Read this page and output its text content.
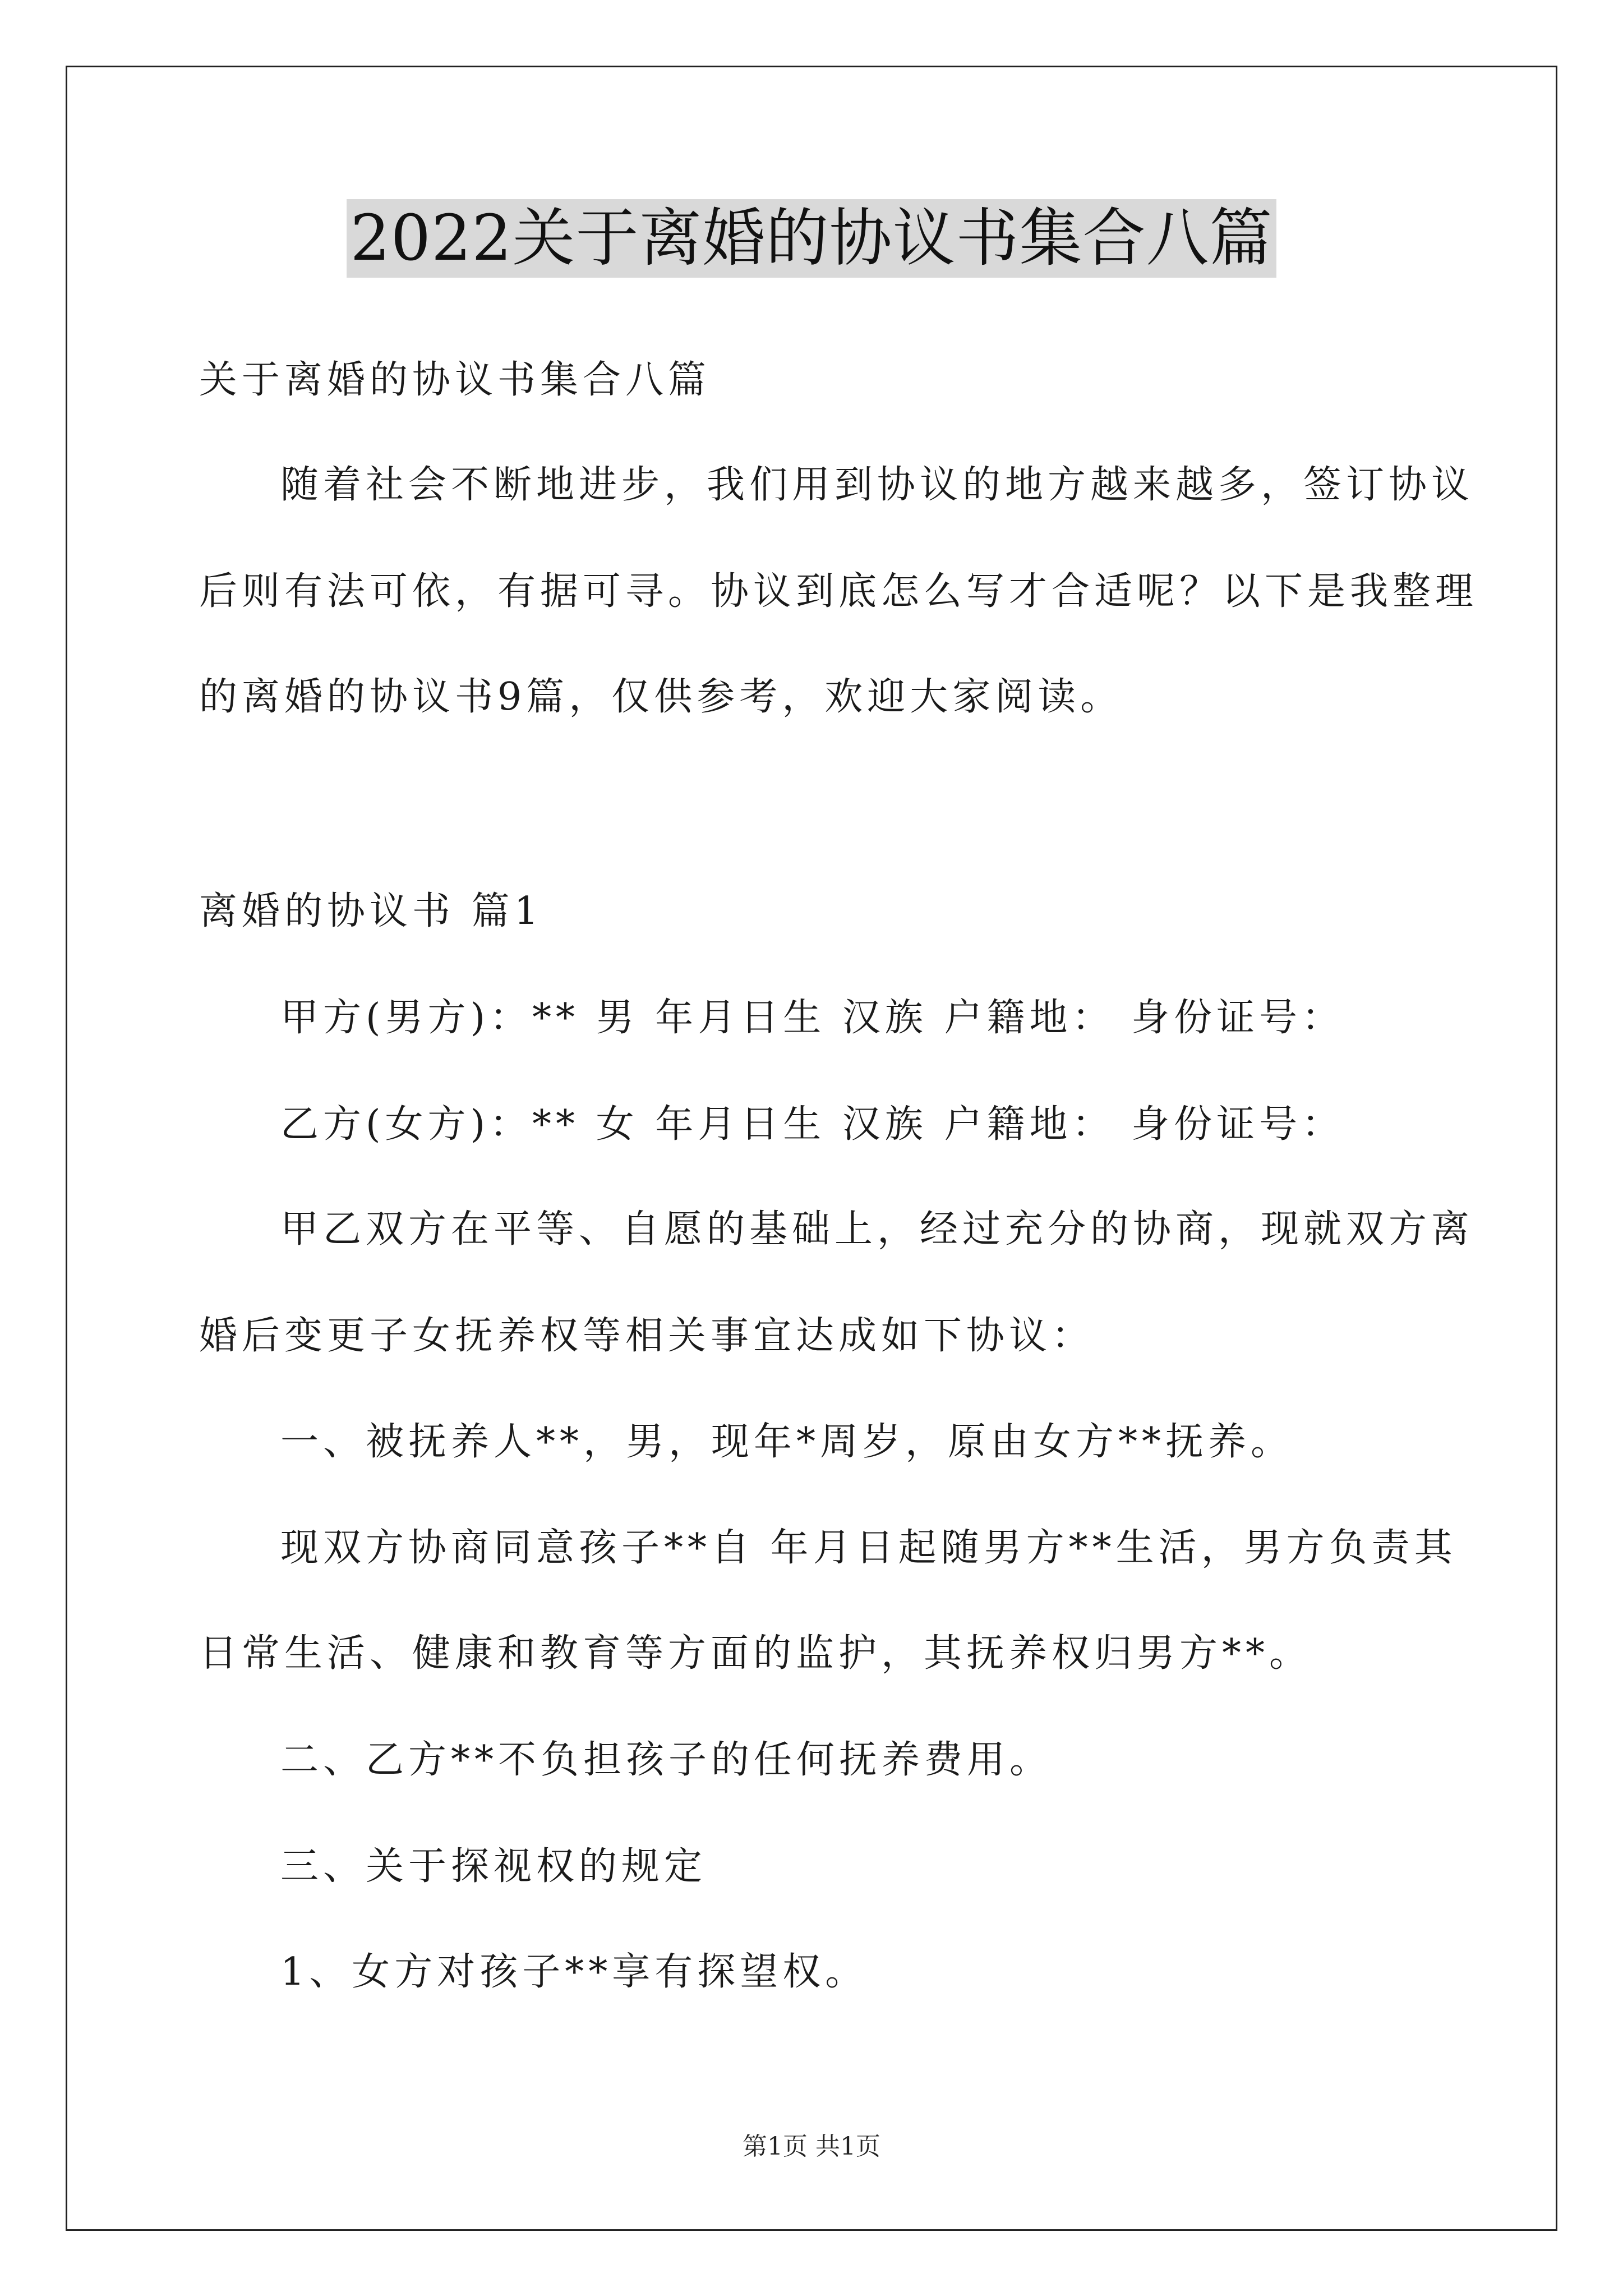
2022关于离婚的协议书集合八篇
关于离婚的协议书集合八篇
随着社会不断地进步，我们用到协议的地方越来越多，签订协议
后则有法可依，有据可寻。协议到底怎么写才合适呢？以下是我整理
的离婚的协议书9篇，仅供参考，欢迎大家阅读。
离婚的协议书 篇1
甲方(男方)：** 男 年月日生 汉族 户籍地： 身份证号：
乙方(女方)：** 女 年月日生 汉族 户籍地： 身份证号：
甲乙双方在平等、自愿的基础上，经过充分的协商，现就双方离
婚后变更子女抚养权等相关事宜达成如下协议：
一、被抚养人**，男，现年*周岁，原由女方**抚养。
现双方协商同意孩子**自 年月日起随男方**生活，男方负责其
日常生活、健康和教育等方面的监护，其抚养权归男方**。
二、乙方**不负担孩子的任何抚养费用。
三、关于探视权的规定
1、女方对孩子**享有探望权。
第1页 共1页
